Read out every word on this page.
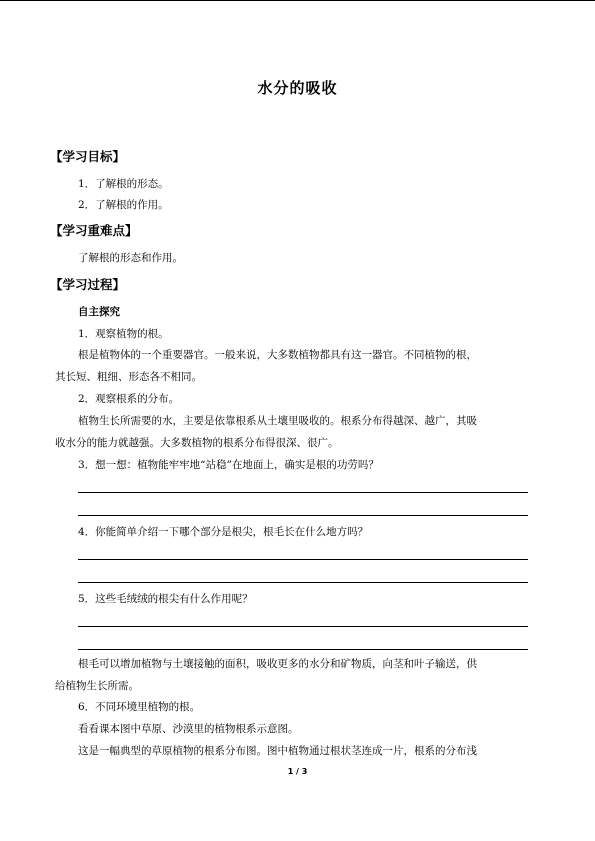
水分的吸收
【学习目标】
1．了解根的形态。
2．了解根的作用。
【学习重难点】
了解根的形态和作用。
【学习过程】
自主探究
1．观察植物的根。
根是植物体的一个重要器官。一般来说，大多数植物都具有这一器官。不同植物的根，
其长短、粗细、形态各不相同。
2．观察根系的分布。
植物生长所需要的水，主要是依靠根系从土壤里吸收的。根系分布得越深、越广，其吸
收水分的能力就越强。大多数植物的根系分布得很深、很广。
3．想一想：植物能牢牢地“站稳”在地面上，确实是根的功劳吗？
4．你能简单介绍一下哪个部分是根尖，根毛长在什么地方吗？
5．这些毛绒绒的根尖有什么作用呢？
根毛可以增加植物与土壤接触的面积，吸收更多的水分和矿物质，向茎和叶子输送，供
给植物生长所需。
6．不同环境里植物的根。
看看课本图中草原、沙漠里的植物根系示意图。
这是一幅典型的草原植物的根系分布图。图中植物通过根状茎连成一片，根系的分布浅
1 / 3
